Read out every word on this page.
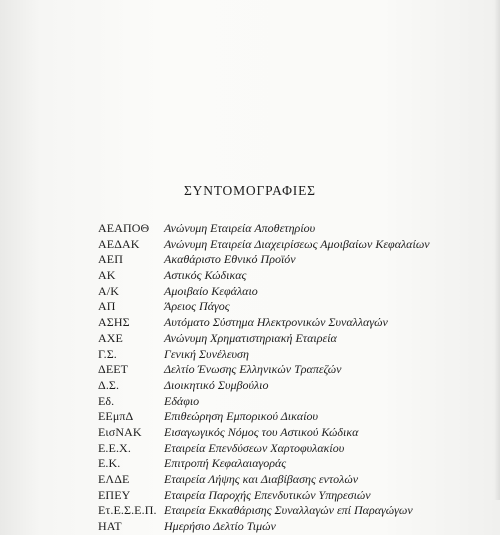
ΣΥΝΤΟΜΟΓΡΑΦΙΕΣ
ΑΕΑΠΟΘ	Ανώνυμη Εταιρεία Αποθετηρίου
ΑΕΔΑΚ	Ανώνυμη Εταιρεία Διαχειρίσεως Αμοιβαίων Κεφαλαίων
ΑΕΠ	Ακαθάριστο Εθνικό Προϊόν
ΑΚ	Αστικός Κώδικας
Α/Κ	Αμοιβαίο Κεφάλαιο
ΑΠ	Άρειος Πάγος
ΑΣΗΣ	Αυτόματο Σύστημα Ηλεκτρονικών Συναλλαγών
ΑΧΕ	Ανώνυμη Χρηματιστηριακή Εταιρεία
Γ.Σ.	Γενική Συνέλευση
ΔΕΕΤ	Δελτίο Ένωσης Ελληνικών Τραπεζών
Δ.Σ.	Διοικητικό Συμβούλιο
Εδ.	Εδάφιο
ΕΕμπΔ	Επιθεώρηση Εμπορικού Δικαίου
ΕισΝΑΚ	Εισαγωγικός Νόμος του Αστικού Κώδικα
Ε.Ε.Χ.	Εταιρεία Επενδύσεων Χαρτοφυλακίου
Ε.Κ.	Επιτροπή Κεφαλαιαγοράς
ΕΛΔΕ	Εταιρεία Λήψης και Διαβίβασης εντολών
ΕΠΕΥ	Εταιρεία Παροχής Επενδυτικών Υπηρεσιών
Ετ.Ε.Σ.Ε.Π. Εταιρεία Εκκαθάρισης Συναλλαγών επί Παραγώγων
ΗΑΤ	Ημερήσιο Δελτίο Τιμών
